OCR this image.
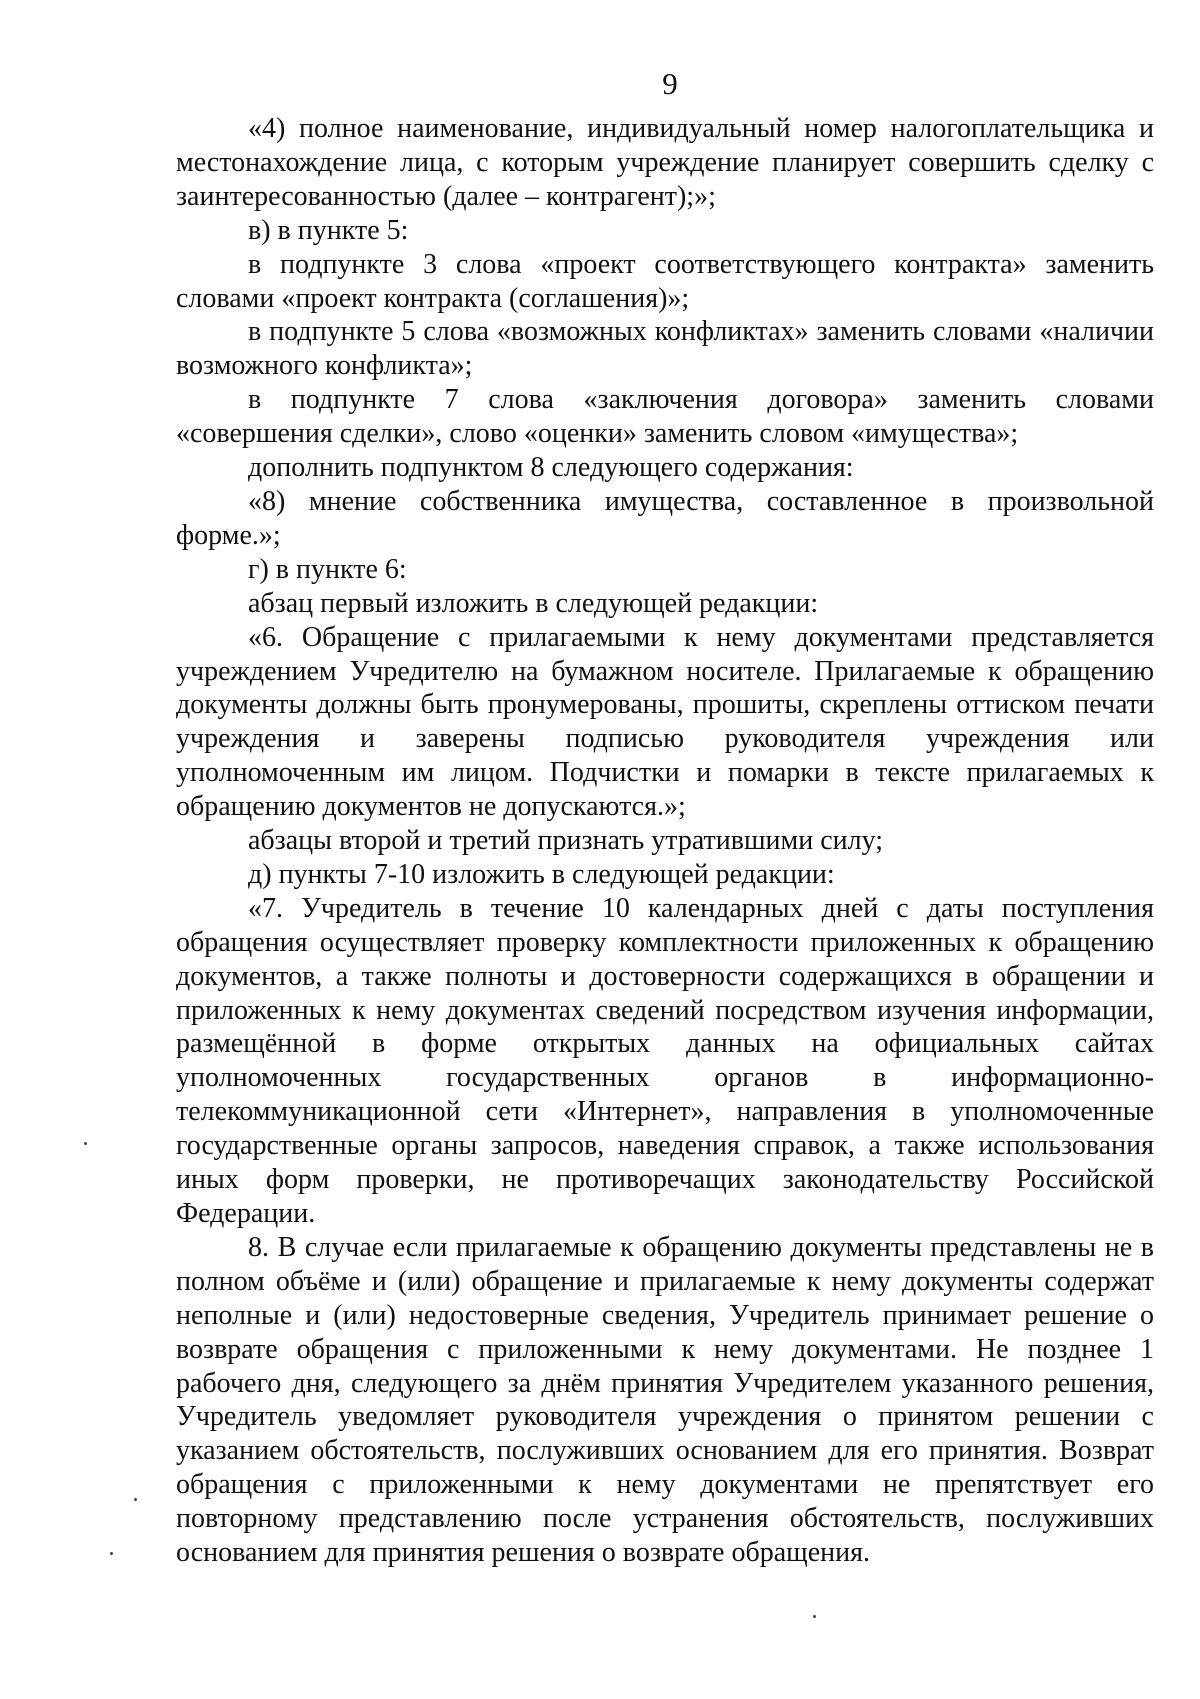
9

«4) полное наименование, индивидуальный номер налогоплательщика и местонахождение лица, с которым учреждение планирует совершить сделку с заинтересованностью (далее – контрагент);»;

в) в пункте 5:

в подпункте 3 слова «проект соответствующего контракта» заменить словами «проект контракта (соглашения)»;

в подпункте 5 слова «возможных конфликтах» заменить словами «наличии возможного конфликта»;

в подпункте 7 слова «заключения договора» заменить словами «совершения сделки», слово «оценки» заменить словом «имущества»;

дополнить подпунктом 8 следующего содержания:

«8) мнение собственника имущества, составленное в произвольной форме.»;

г) в пункте 6:

абзац первый изложить в следующей редакции:

«6. Обращение с прилагаемыми к нему документами представляется учреждением Учредителю на бумажном носителе. Прилагаемые к обращению документы должны быть пронумерованы, прошиты, скреплены оттиском печати учреждения и заверены подписью руководителя учреждения или уполномоченным им лицом. Подчистки и помарки в тексте прилагаемых к обращению документов не допускаются.»;

абзацы второй и третий признать утратившими силу;

д) пункты 7-10 изложить в следующей редакции:

«7. Учредитель в течение 10 календарных дней с даты поступления обращения осуществляет проверку комплектности приложенных к обращению документов, а также полноты и достоверности содержащихся в обращении и приложенных к нему документах сведений посредством изучения информации, размещённой в форме открытых данных на официальных сайтах уполномоченных государственных органов в информационно-телекоммуникационной сети «Интернет», направления в уполномоченные государственные органы запросов, наведения справок, а также использования иных форм проверки, не противоречащих законодательству Российской Федерации.

8. В случае если прилагаемые к обращению документы представлены не в полном объёме и (или) обращение и прилагаемые к нему документы содержат неполные и (или) недостоверные сведения, Учредитель принимает решение о возврате обращения с приложенными к нему документами. Не позднее 1 рабочего дня, следующего за днём принятия Учредителем указанного решения, Учредитель уведомляет руководителя учреждения о принятом решении с указанием обстоятельств, послуживших основанием для его принятия. Возврат обращения с приложенными к нему документами не препятствует его повторному представлению после устранения обстоятельств, послуживших основанием для принятия решения о возврате обращения.
